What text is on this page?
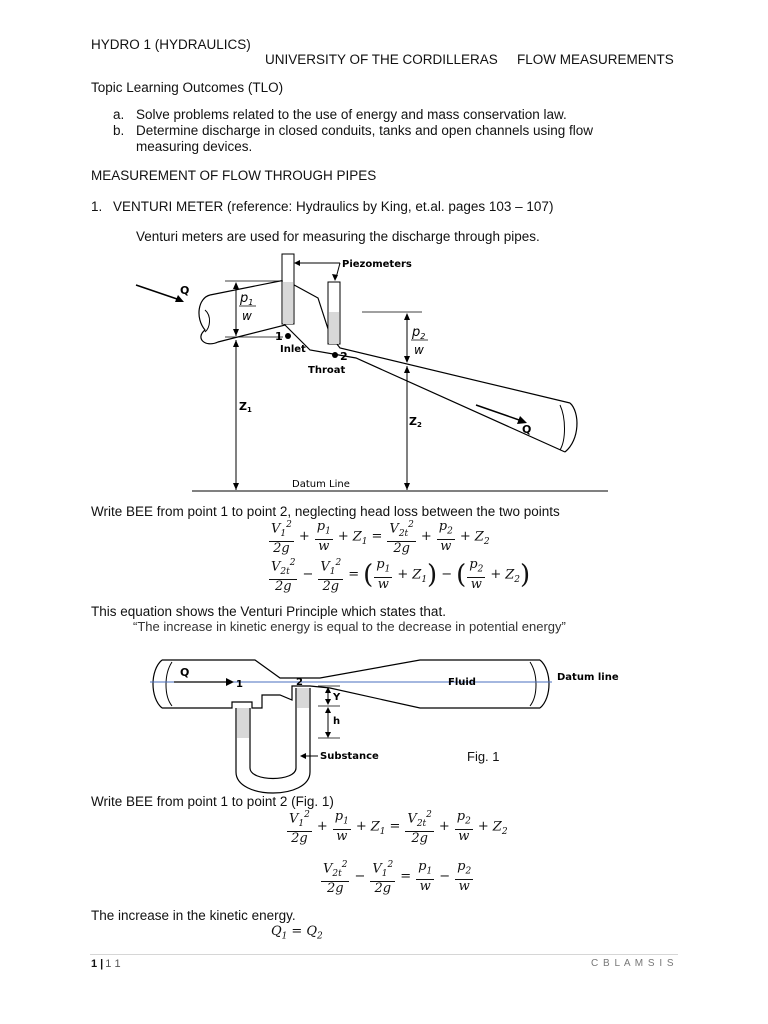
HYDRO 1 (HYDRAULICS)
UNIVERSITY OF THE CORDILLERAS FLOW MEASUREMENTS
Topic Learning Outcomes (TLO)
a. Solve problems related to the use of energy and mass conservation law.
b. Determine discharge in closed conduits, tanks and open channels using flow
measuring devices.
MEASUREMENT OF FLOW THROUGH PIPES
1. VENTURI METER (reference: Hydraulics by King, et.al. pages 103 – 107)
Venturi meters are used for measuring the discharge through pipes.
Piezometers
Q
Q
$p_1$
w
$p_2$
w
1
Inlet
2
Throat
Z1
Z2
Datum Line
Write BEE from point 1 to point 2, neglecting head loss between the two points
$\frac{V_1^2}{2g} + \frac{p_1}{w} + Z_1 = \frac{V_{2t}^2}{2g} + \frac{p_2}{w} + Z_2$
$\frac{V_{2t}^2}{2g} - \frac{V_1^2}{2g}$ = ( $\frac{p_1}{w} + Z_1$) − ( $\frac{p_2}{w} + Z_2$)
This equation shows the Venturi Principle which states that.
“The increase in kinetic energy is equal to the decrease in potential energy”
Q
1	2	Fluid	Datum line
Y
h
Substance	Fig. 1
Write BEE from point 1 to point 2 (Fig. 1)
$\frac{V_1^2}{2g} + \frac{p_1}{w} + Z_1 = \frac{V_{2t}^2}{2g} + \frac{p_2}{w} + Z_2$
$\frac{V_{2t}^2}{2g} - \frac{V_1^2}{2g} = \frac{p_1}{w} - \frac{p_2}{w}$
The increase in the kinetic energy.
$Q_1 = Q_2$
1 | 1 1	C B L A M S I S
